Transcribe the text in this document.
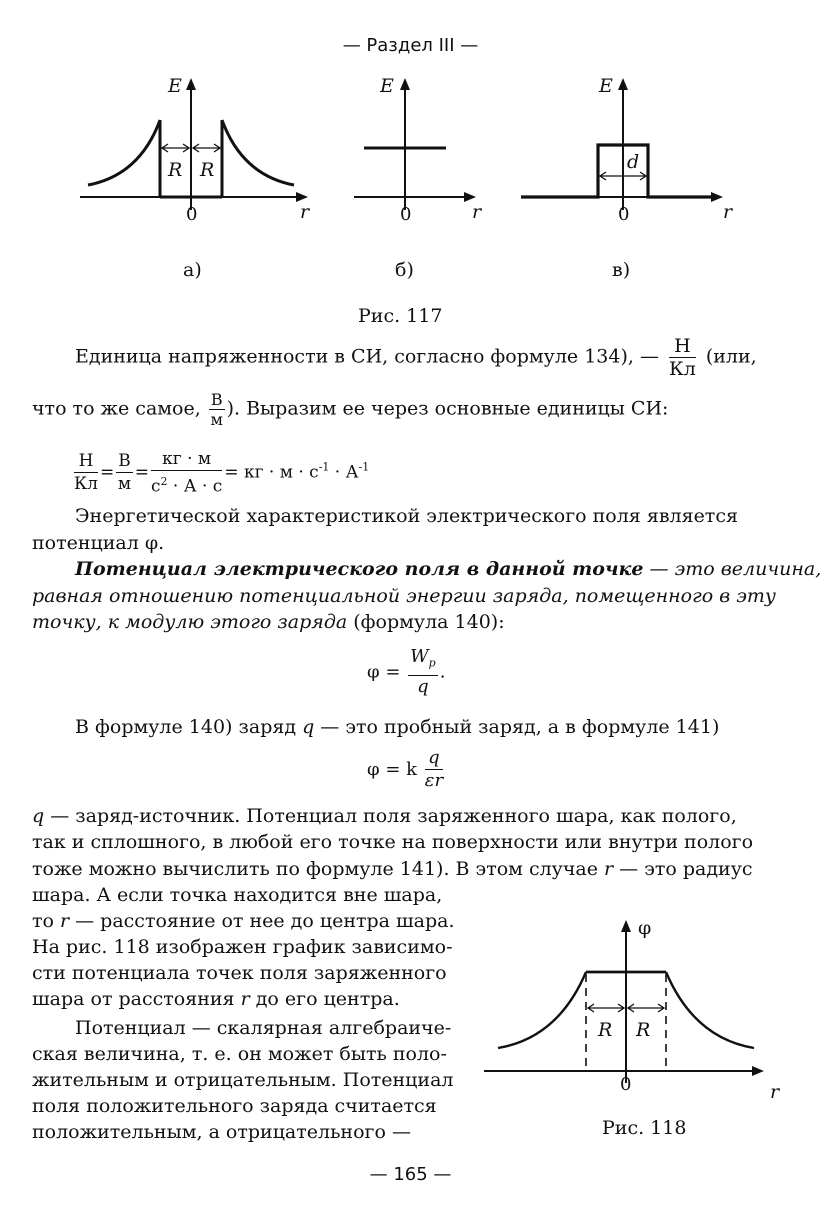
— Раздел III —
E
r
0
R R
а)
E
r
0
б)
E
r
0
d
в)
Рис. 117
Единица напряженности в СИ, согласно формуле 134), — $\frac{Н}{Кл} (или$,
что то же самое, $\frac{В}{м}$ ). Выразим ее через основные единицы СИ:
$\frac{Н}{Кл} = \frac{В}{м} = \frac{кг \cdot м}{с^2 \cdot А \cdot с}$ = кг · $м \cdot с^{-1} \cdot А^{-1}$
Энергетической характеристикой электрического поля является
потенциал φ.
Потенциал электрического поля в данной точке — это величина,
равная отношению потенциальной энергии заряда, помещенного в эту
точку, к модулю этого заряда (формула 140):
$\varphi = \frac{W_p}{q}$ .
В формуле 140) заряд q — это пробный заряд, а в формуле 141)
φ = k $\frac{q}{\varepsilon r}$
q — заряд-источник. Потенциал поля заряженного шара, как полого,
так и сплошного, в любой его точке на поверхности или внутри полого
тоже можно вычислить по формуле 141). В этом случае r — это радиус
шара. А если точка находится вне шара,
то r — расстояние от нее до центра шара.
На рис. 118 изображен график зависимо-
сти потенциала точек поля заряженного
шара от расстояния r до его центра.
Потенциал — скалярная алгебраиче-
ская величина, т. е. он может быть поло-
жительным и отрицательным. Потенциал
поля положительного заряда считается
положительным, а отрицательного —
φ
r
0
R R
Рис. 118
— 165 —
